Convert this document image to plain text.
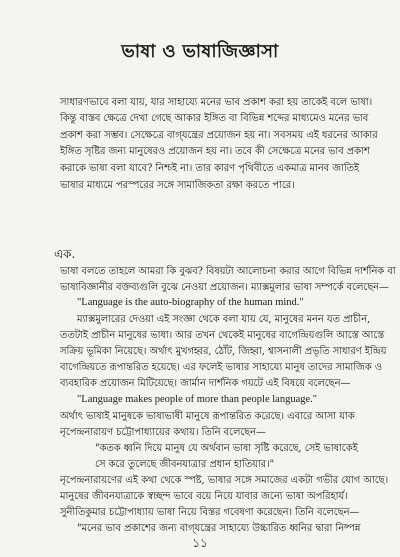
ভাষা ও ভাষাজিজ্ঞাসা
সাধারণভাবে বলা যায়, যার সাহায্যে মনের ভাব প্রকাশ করা হয় তাকেই বলে ভাষা।
কিন্তু বাস্তব ক্ষেত্রে দেখা গেছে আকার ইঙ্গিত বা বিভিন্ন শব্দের মাধ্যমেও মনের ভাব
প্রকাশ করা সম্ভব। সেক্ষেত্রে বাগ্‌যন্ত্রের প্রয়োজন হয় না। সবসময় এই ধরনের আকার
ইঙ্গিত সৃষ্টির জন্য মানুষেরও প্রয়োজন হয় না। তবে কী সেক্ষেত্রে মনের ভাব প্রকাশ
করাকে ভাষা বলা যাবে? নিশ্চই না। তার কারণ পৃথিবীতে একমাত্র মানব জাতিই
ভাষার মাধ্যমে পরস্পরের সঙ্গে সামাজিকতা রক্ষা করতে পারে।
এক.
ভাষা বলতে তাহলে আমরা কি বুঝব? বিষয়টা আলোচনা করার আগে বিভিন্ন দার্শনিক বা
ভাষাবিজ্ঞানীর বক্তব্যগুলি বুঝে নেওয়া প্রয়োজন। ম্যাক্সমুলার ভাষা সম্পর্কে বলেছেন—
"Language is the auto-biography of the human mind."
ম্যাক্সমুলারের দেওয়া এই সংজ্ঞা থেকে বলা যায় যে, মানুষের মনন যত প্রাচীন,
ততটাই প্রাচীন মানুষের ভাষা। আর তখন থেকেই মানুষের বাগেন্দ্রিয়গুলি আস্তে আস্তে
সক্রিয় ভূমিকা নিয়েছে। অর্থাৎ মুখগহ্বর, ঠোঁট, জিহ্বা, শ্বাসনালী প্রভৃতি সাধারণ ইন্দ্রিয়
বাগেন্দ্রিয়তে রূপান্তরিত হয়েছে। এর ফলেই ভাষার সাহায্যে মানুষ তাদের সামাজিক ও
ব্যবহারিক প্রয়োজন মিটিয়েছে। জার্মান দার্শনিক গয়টে এই বিষয়ে বলেছেন—
"Language makes people of more than people language."
অর্থাৎ ভাষাই মানুষকে ভাষাভাষী মানুষে রূপান্তরিত করেছে। এবারে আসা যাক
নৃপেন্দ্রনারায়ণ চট্টোপাধ্যায়ের কথায়। তিনি বলেছেন—
"কতক ধ্বনি দিয়ে মানুষ যে অর্থবান ভাষা সৃষ্টি করেছে, সেই ভাষাকেই
সে করে তুলেছে জীবনযাত্রার প্রধান হাতিয়ার।"
নৃপেন্দ্রনারায়ণের এই কথা থেকে স্পষ্ট, ভাষার সঙ্গে সমাজের একটা গভীর যোগ আছে।
মানুষের জীবনযাত্রাকে স্বচ্ছন্দ ভাবে বয়ে নিয়ে যাবার জন্যে ভাষা অপরিহার্য।
সুনীতিকুমার চট্টোপাধ্যায় ভাষা নিয়ে বিস্তর গবেষণা করেছেন। তিনি বলেছেন—
"মনের ভাব প্রকাশের জন্য বাগ্‌যন্ত্রের সাহায্যে উচ্চারিত ধ্বনির দ্বারা নিষ্পন্ন
১১
